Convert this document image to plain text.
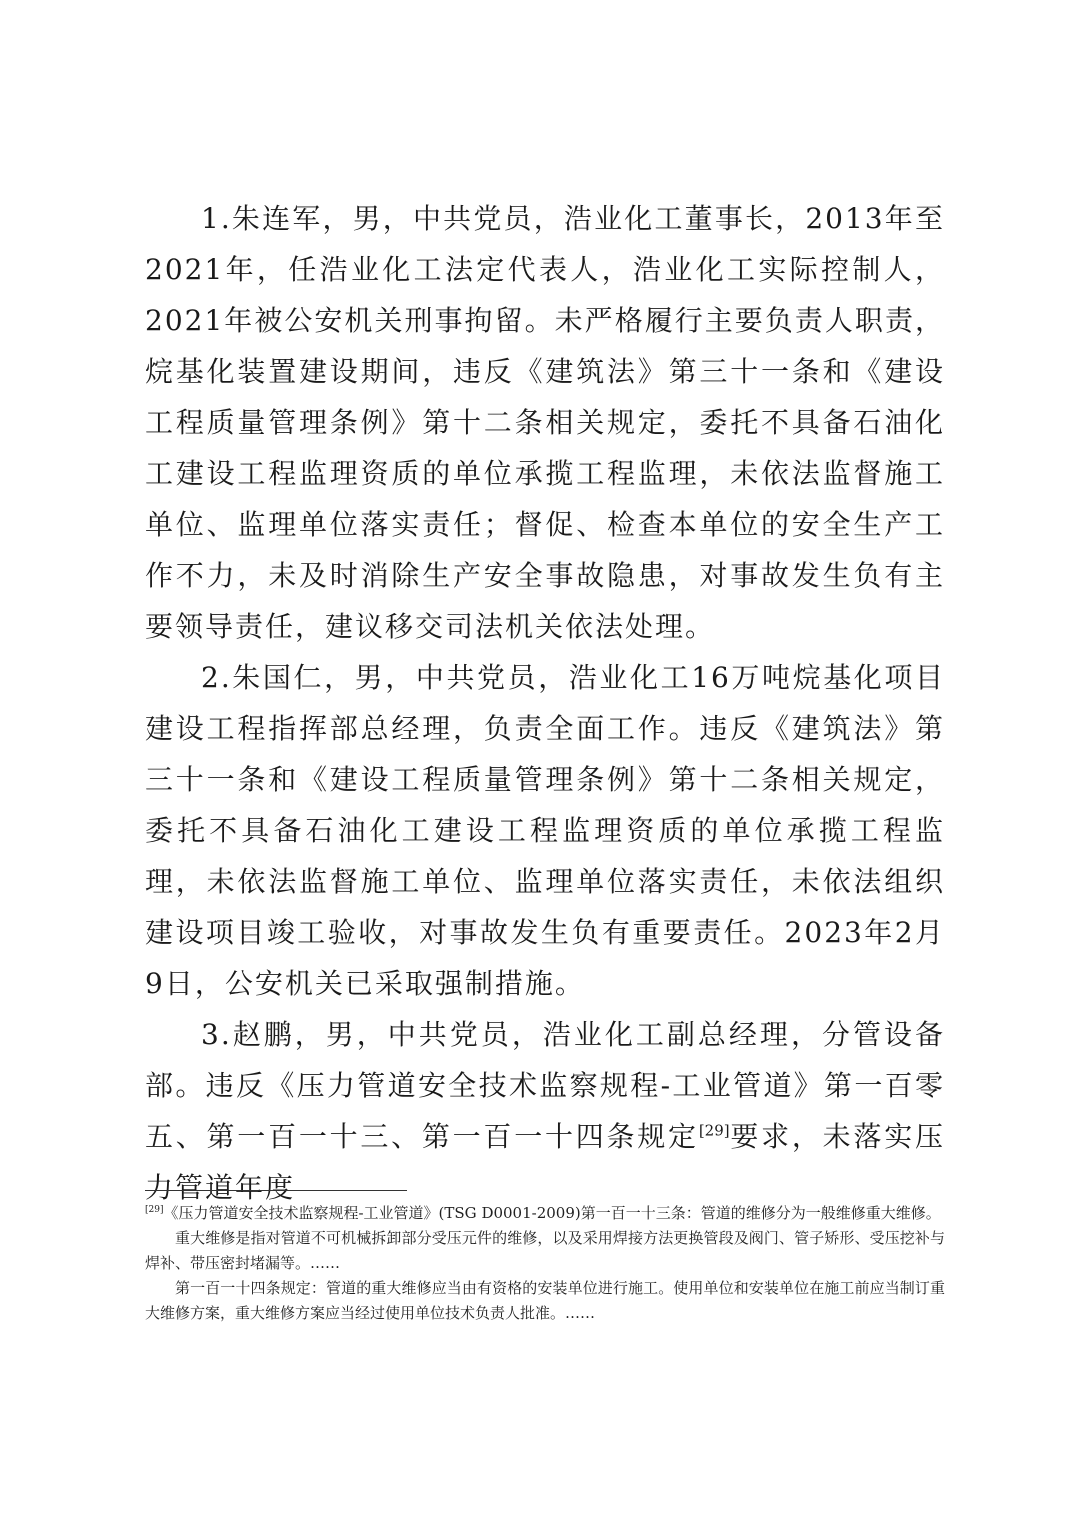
1.朱连军，男，中共党员，浩业化工董事长，2013年至2021年，任浩业化工法定代表人，浩业化工实际控制人，2021年被公安机关刑事拘留。未严格履行主要负责人职责，烷基化装置建设期间，违反《建筑法》第三十一条和《建设工程质量管理条例》第十二条相关规定，委托不具备石油化工建设工程监理资质的单位承揽工程监理，未依法监督施工单位、监理单位落实责任；督促、检查本单位的安全生产工作不力，未及时消除生产安全事故隐患，对事故发生负有主要领导责任，建议移交司法机关依法处理。

2.朱国仁，男，中共党员，浩业化工16万吨烷基化项目建设工程指挥部总经理，负责全面工作。违反《建筑法》第三十一条和《建设工程质量管理条例》第十二条相关规定，委托不具备石油化工建设工程监理资质的单位承揽工程监理，未依法监督施工单位、监理单位落实责任，未依法组织建设项目竣工验收，对事故发生负有重要责任。2023年2月9日，公安机关已采取强制措施。

3.赵鹏，男，中共党员，浩业化工副总经理，分管设备部。违反《压力管道安全技术监察规程-工业管道》第一百零五、第一百一十三、第一百一十四条规定[29]要求，未落实压力管道年度

[29]《压力管道安全技术监察规程-工业管道》(TSG D0001-2009)第一百一十三条：管道的维修分为一般维修重大维修。

重大维修是指对管道不可机械拆卸部分受压元件的维修，以及采用焊接方法更换管段及阀门、管子矫形、受压挖补与焊补、带压密封堵漏等。……

第一百一十四条规定：管道的重大维修应当由有资格的安装单位进行施工。使用单位和安装单位在施工前应当制订重大维修方案，重大维修方案应当经过使用单位技术负责人批准。……
